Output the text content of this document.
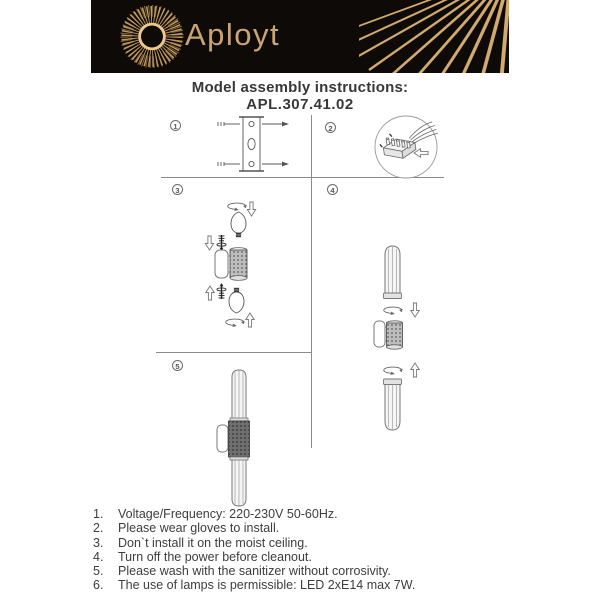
Aployt
Model assembly instructions:
APL.307.41.02
1	2
3	4
5
1.	Voltage/Frequency: 220-230V 50-60Hz.
2.	Please wear gloves to install.
3.	Don`t install it on the moist ceiling.
4.	Turn off the power before cleanout.
5.	Please wash with the sanitizer without corrosivity.
6.	The use of lamps is permissible: LED 2xE14 max 7W.
